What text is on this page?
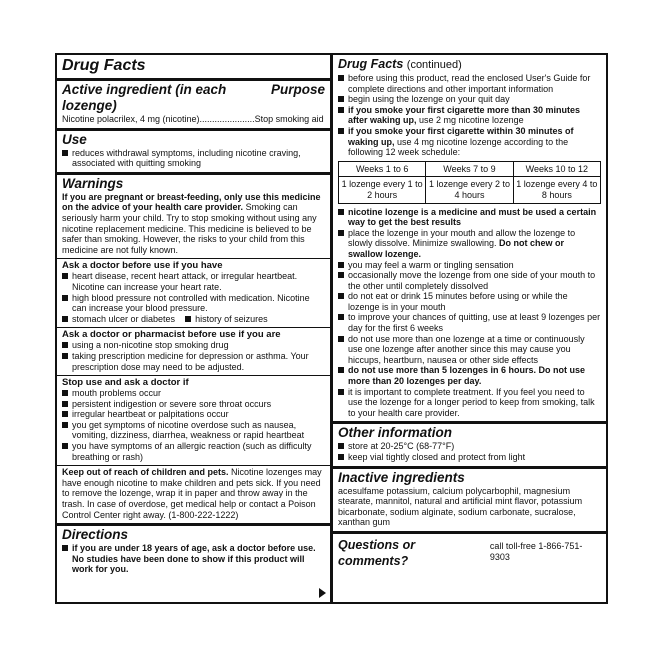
Drug Facts
Active ingredient (in each lozenge)
Purpose
Nicotine polacrilex, 4 mg (nicotine)......................Stop smoking aid
Use
reduces withdrawal symptoms, including nicotine craving, associated with quitting smoking
Warnings
If you are pregnant or breast-feeding, only use this medicine on the advice of your health care provider. Smoking can seriously harm your child. Try to stop smoking without using any nicotine replacement medicine. This medicine is believed to be safer than smoking. However, the risks to your child from this medicine are not fully known.
Ask a doctor before use if you have
heart disease, recent heart attack, or irregular heartbeat. Nicotine can increase your heart rate.
high blood pressure not controlled with medication. Nicotine can increase your blood pressure.
stomach ulcer or diabetes history of seizures
Ask a doctor or pharmacist before use if you are
using a non-nicotine stop smoking drug
taking prescription medicine for depression or asthma. Your prescription dose may need to be adjusted.
Stop use and ask a doctor if
mouth problems occur
persistent indigestion or severe sore throat occurs
irregular heartbeat or palpitations occur
you get symptoms of nicotine overdose such as nausea, vomiting, dizziness, diarrhea, weakness or rapid heartbeat
you have symptoms of an allergic reaction (such as difficulty breathing or rash)
Keep out of reach of children and pets. Nicotine lozenges may have enough nicotine to make children and pets sick. If you need to remove the lozenge, wrap it in paper and throw away in the trash. In case of overdose, get medical help or contact a Poison Control Center right away. (1-800-222-1222)
Directions
if you are under 18 years of age, ask a doctor before use. No studies have been done to show if this product will work for you.
Drug Facts (continued)
before using this product, read the enclosed User's Guide for complete directions and other important information
begin using the lozenge on your quit day
if you smoke your first cigarette more than 30 minutes after waking up, use 2 mg nicotine lozenge
if you smoke your first cigarette within 30 minutes of waking up, use 4 mg nicotine lozenge according to the following 12 week schedule:
Weeks 1 to 6	Weeks 7 to 9	Weeks 10 to 12
1 lozenge every 1 to 2 hours	1 lozenge every 2 to 4 hours	1 lozenge every 4 to 8 hours
nicotine lozenge is a medicine and must be used a certain way to get the best results
place the lozenge in your mouth and allow the lozenge to slowly dissolve. Minimize swallowing. Do not chew or swallow lozenge.
you may feel a warm or tingling sensation
occasionally move the lozenge from one side of your mouth to the other until completely dissolved
do not eat or drink 15 minutes before using or while the lozenge is in your mouth
to improve your chances of quitting, use at least 9 lozenges per day for the first 6 weeks
do not use more than one lozenge at a time or continuously use one lozenge after another since this may cause you hiccups, heartburn, nausea or other side effects
do not use more than 5 lozenges in 6 hours. Do not use more than 20 lozenges per day.
it is important to complete treatment. If you feel you need to use the lozenge for a longer period to keep from smoking, talk to your health care provider.
Other information
store at 20-25°C (68-77°F)
keep vial tightly closed and protect from light
Inactive ingredients
acesulfame potassium, calcium polycarbophil, magnesium stearate, mannitol, natural and artificial mint flavor, potassium bicarbonate, sodium alginate, sodium carbonate, sucralose, xanthan gum
Questions or comments?
call toll-free 1-866-751-9303
